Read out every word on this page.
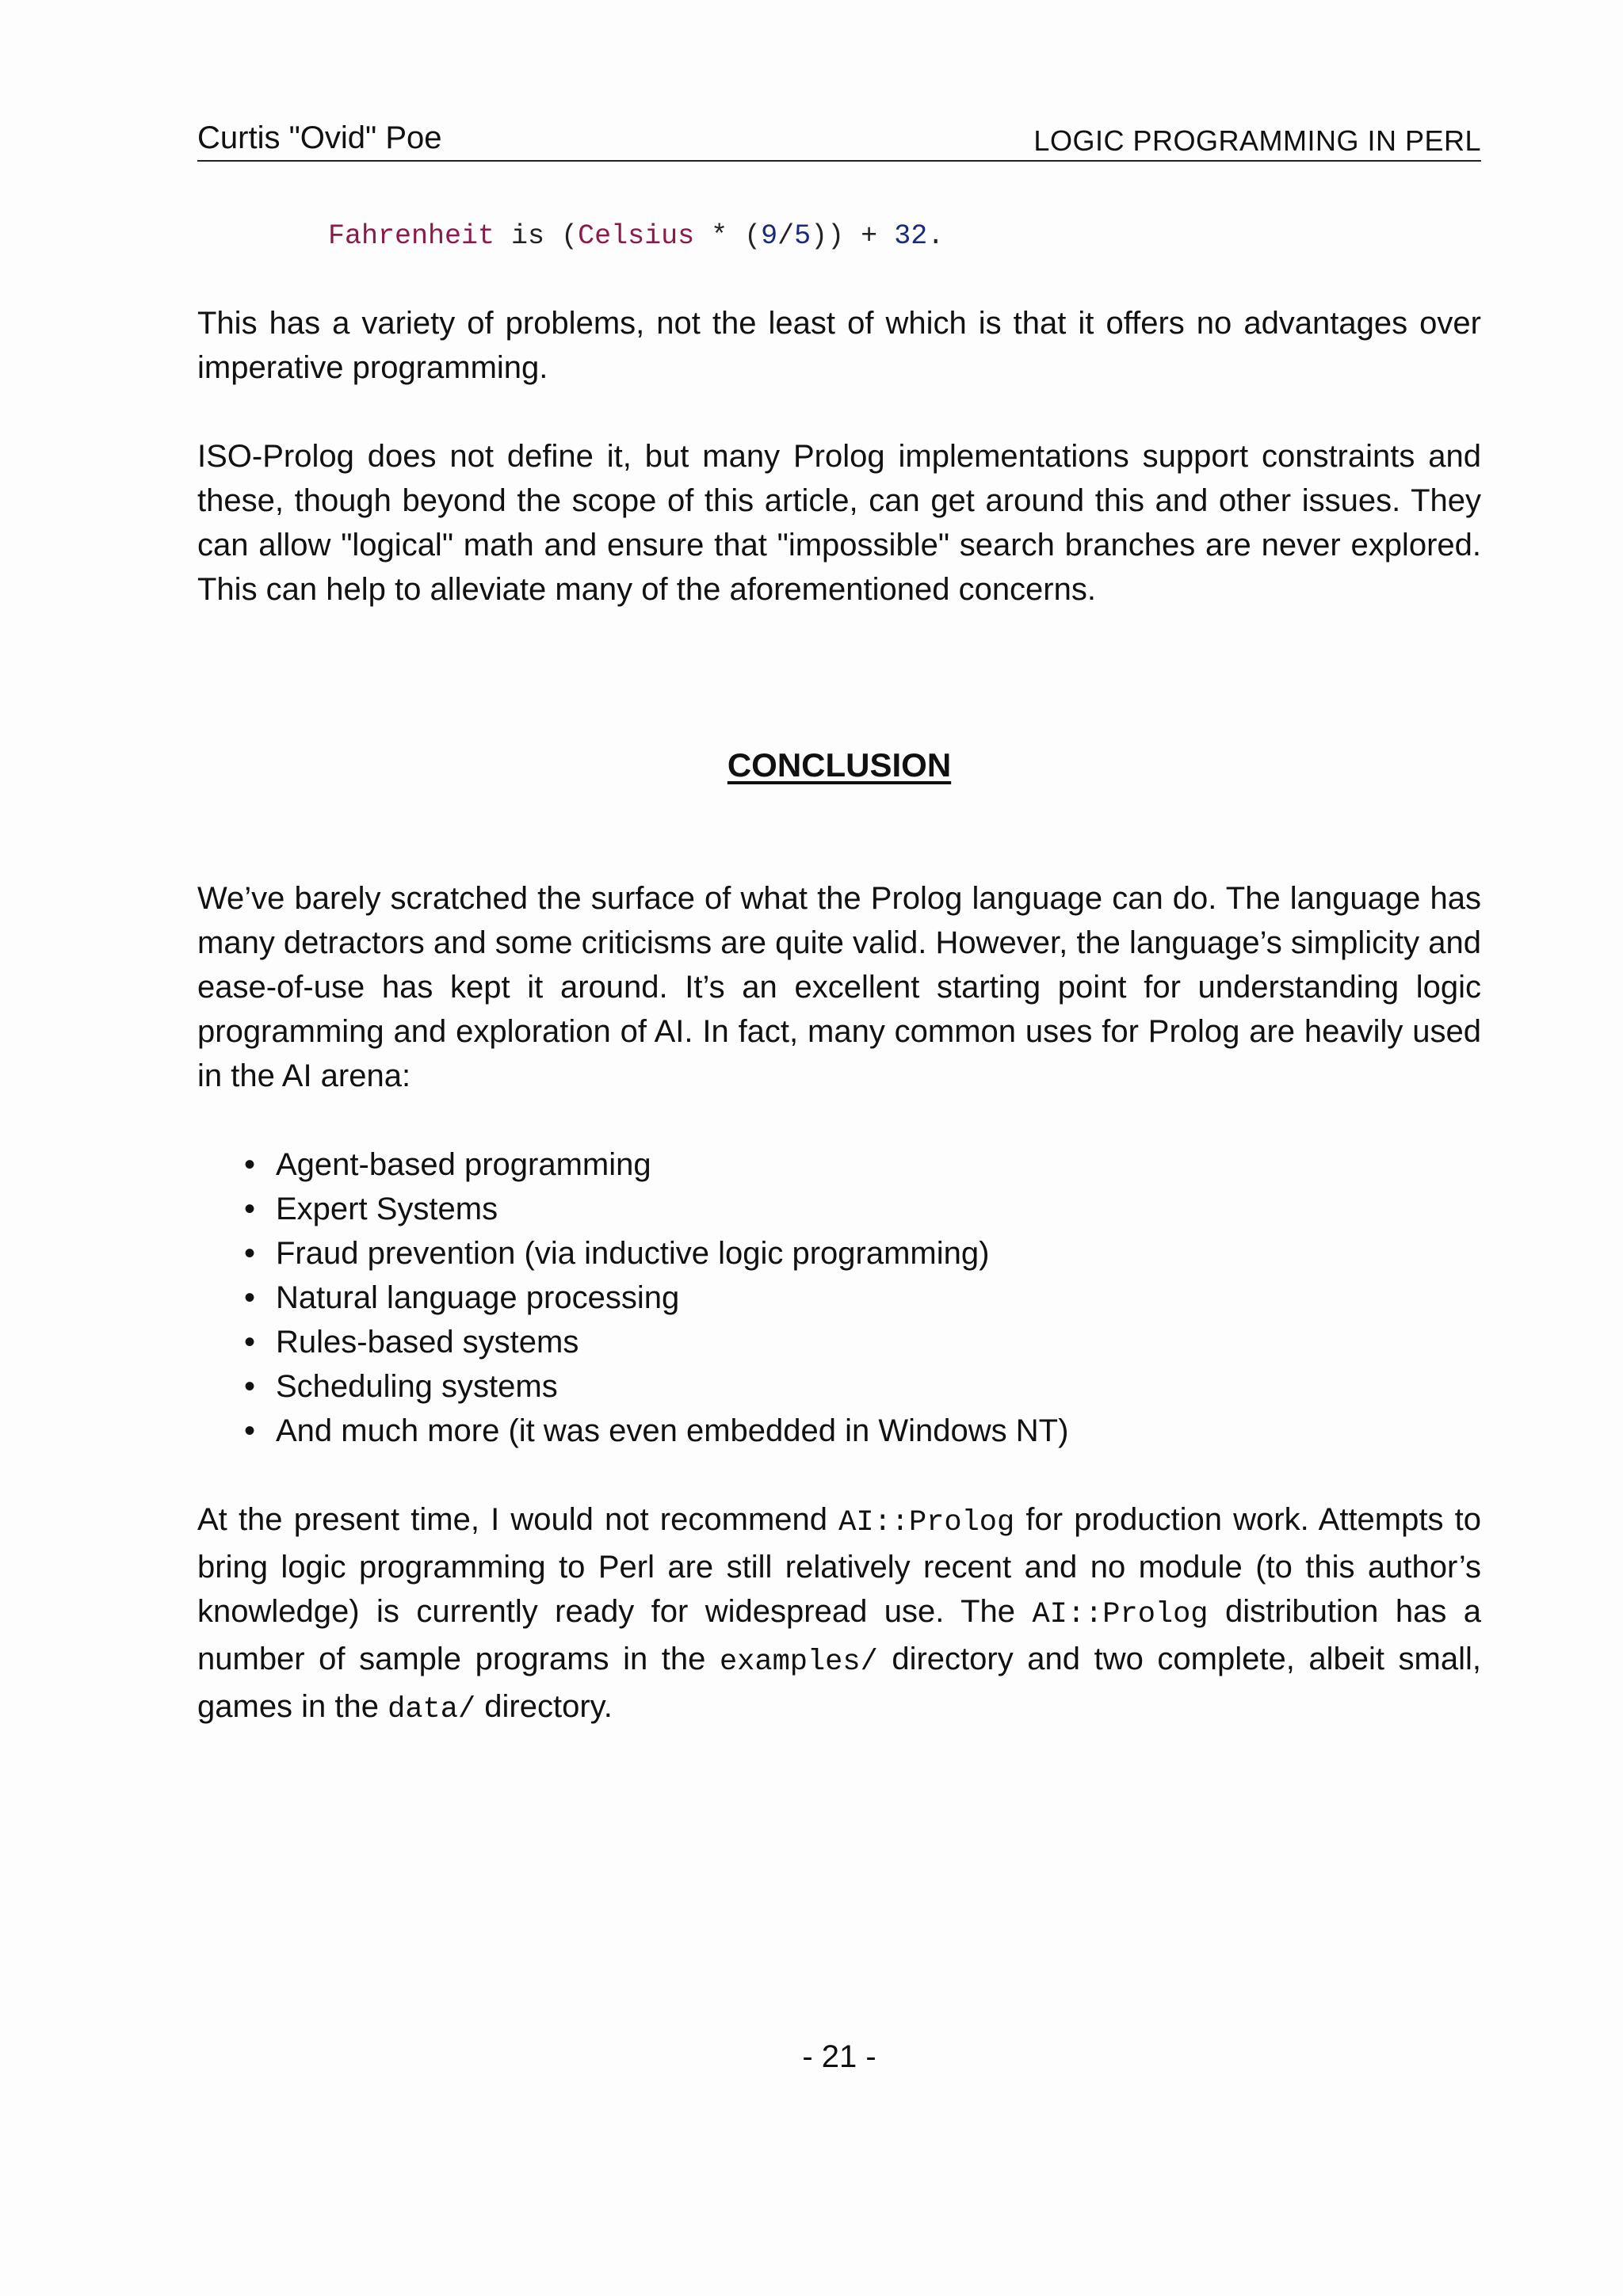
Curtis "Ovid" Poe	LOGIC PROGRAMMING IN PERL
Fahrenheit is (Celsius * (9/5)) + 32.

This has a variety of problems, not the least of which is that it offers no advantages over imperative programming.

ISO-Prolog does not define it, but many Prolog implementations support constraints and these, though beyond the scope of this article, can get around this and other issues. They can allow "logical" math and ensure that "impossible" search branches are never explored. This can help to alleviate many of the aforementioned concerns.

CONCLUSION

We’ve barely scratched the surface of what the Prolog language can do. The language has many detractors and some criticisms are quite valid. However, the language’s simplicity and ease-of-use has kept it around. It’s an excellent starting point for understanding logic programming and exploration of AI. In fact, many common uses for Prolog are heavily used in the AI arena:

• Agent-based programming
• Expert Systems
• Fraud prevention (via inductive logic programming)
• Natural language processing
• Rules-based systems
• Scheduling systems
• And much more (it was even embedded in Windows NT)

At the present time, I would not recommend AI::Prolog for production work. Attempts to bring logic programming to Perl are still relatively recent and no module (to this author’s knowledge) is currently ready for widespread use. The AI::Prolog distribution has a number of sample programs in the examples/ directory and two complete, albeit small, games in the data/ directory.

- 21 -
